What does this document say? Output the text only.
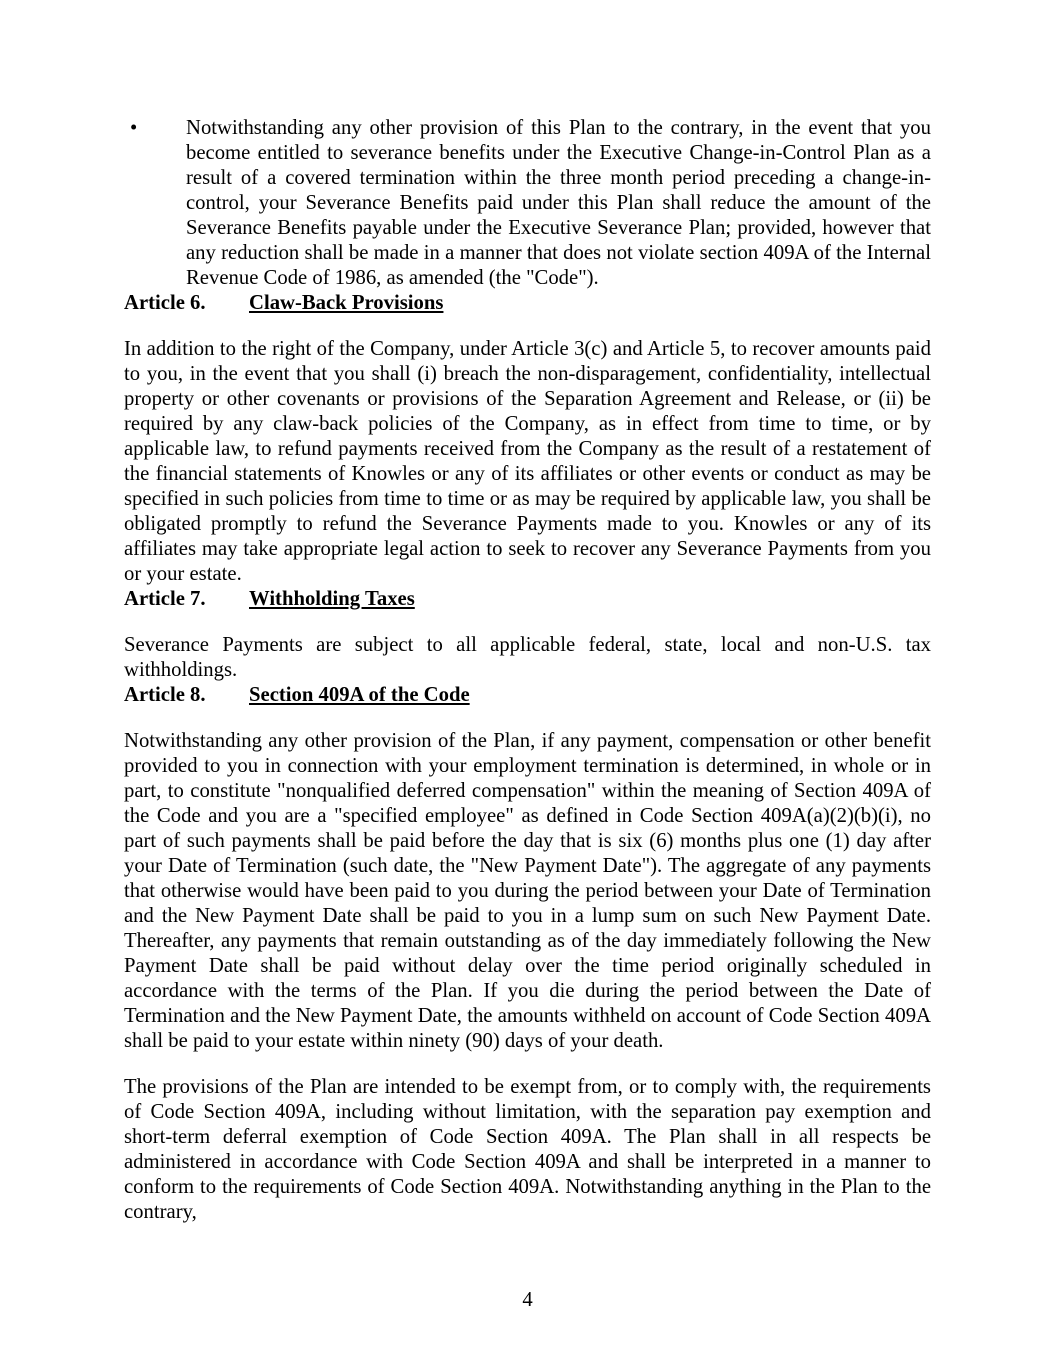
• Notwithstanding any other provision of this Plan to the contrary, in the event that you become entitled to severance benefits under the Executive Change-in-Control Plan as a result of a covered termination within the three month period preceding a change-in-control, your Severance Benefits paid under this Plan shall reduce the amount of the Severance Benefits payable under the Executive Severance Plan; provided, however that any reduction shall be made in a manner that does not violate section 409A of the Internal Revenue Code of 1986, as amended (the "Code").
Article 6.	Claw-Back Provisions

In addition to the right of the Company, under Article 3(c) and Article 5, to recover amounts paid to you, in the event that you shall (i) breach the non-disparagement, confidentiality, intellectual property or other covenants or provisions of the Separation Agreement and Release, or (ii) be required by any claw-back policies of the Company, as in effect from time to time, or by applicable law, to refund payments received from the Company as the result of a restatement of the financial statements of Knowles or any of its affiliates or other events or conduct as may be specified in such policies from time to time or as may be required by applicable law, you shall be obligated promptly to refund the Severance Payments made to you. Knowles or any of its affiliates may take appropriate legal action to seek to recover any Severance Payments from you or your estate.

Article 7.	Withholding Taxes

Severance Payments are subject to all applicable federal, state, local and non-U.S. tax withholdings.

Article 8.	Section 409A of the Code

Notwithstanding any other provision of the Plan, if any payment, compensation or other benefit provided to you in connection with your employment termination is determined, in whole or in part, to constitute "nonqualified deferred compensation" within the meaning of Section 409A of the Code and you are a "specified employee" as defined in Code Section 409A(a)(2)(b)(i), no part of such payments shall be paid before the day that is six (6) months plus one (1) day after your Date of Termination (such date, the "New Payment Date"). The aggregate of any payments that otherwise would have been paid to you during the period between your Date of Termination and the New Payment Date shall be paid to you in a lump sum on such New Payment Date. Thereafter, any payments that remain outstanding as of the day immediately following the New Payment Date shall be paid without delay over the time period originally scheduled in accordance with the terms of the Plan. If you die during the period between the Date of Termination and the New Payment Date, the amounts withheld on account of Code Section 409A shall be paid to your estate within ninety (90) days of your death.

The provisions of the Plan are intended to be exempt from, or to comply with, the requirements of Code Section 409A, including without limitation, with the separation pay exemption and short-term deferral exemption of Code Section 409A. The Plan shall in all respects be administered in accordance with Code Section 409A and shall be interpreted in a manner to conform to the requirements of Code Section 409A. Notwithstanding anything in the Plan to the contrary,

4
